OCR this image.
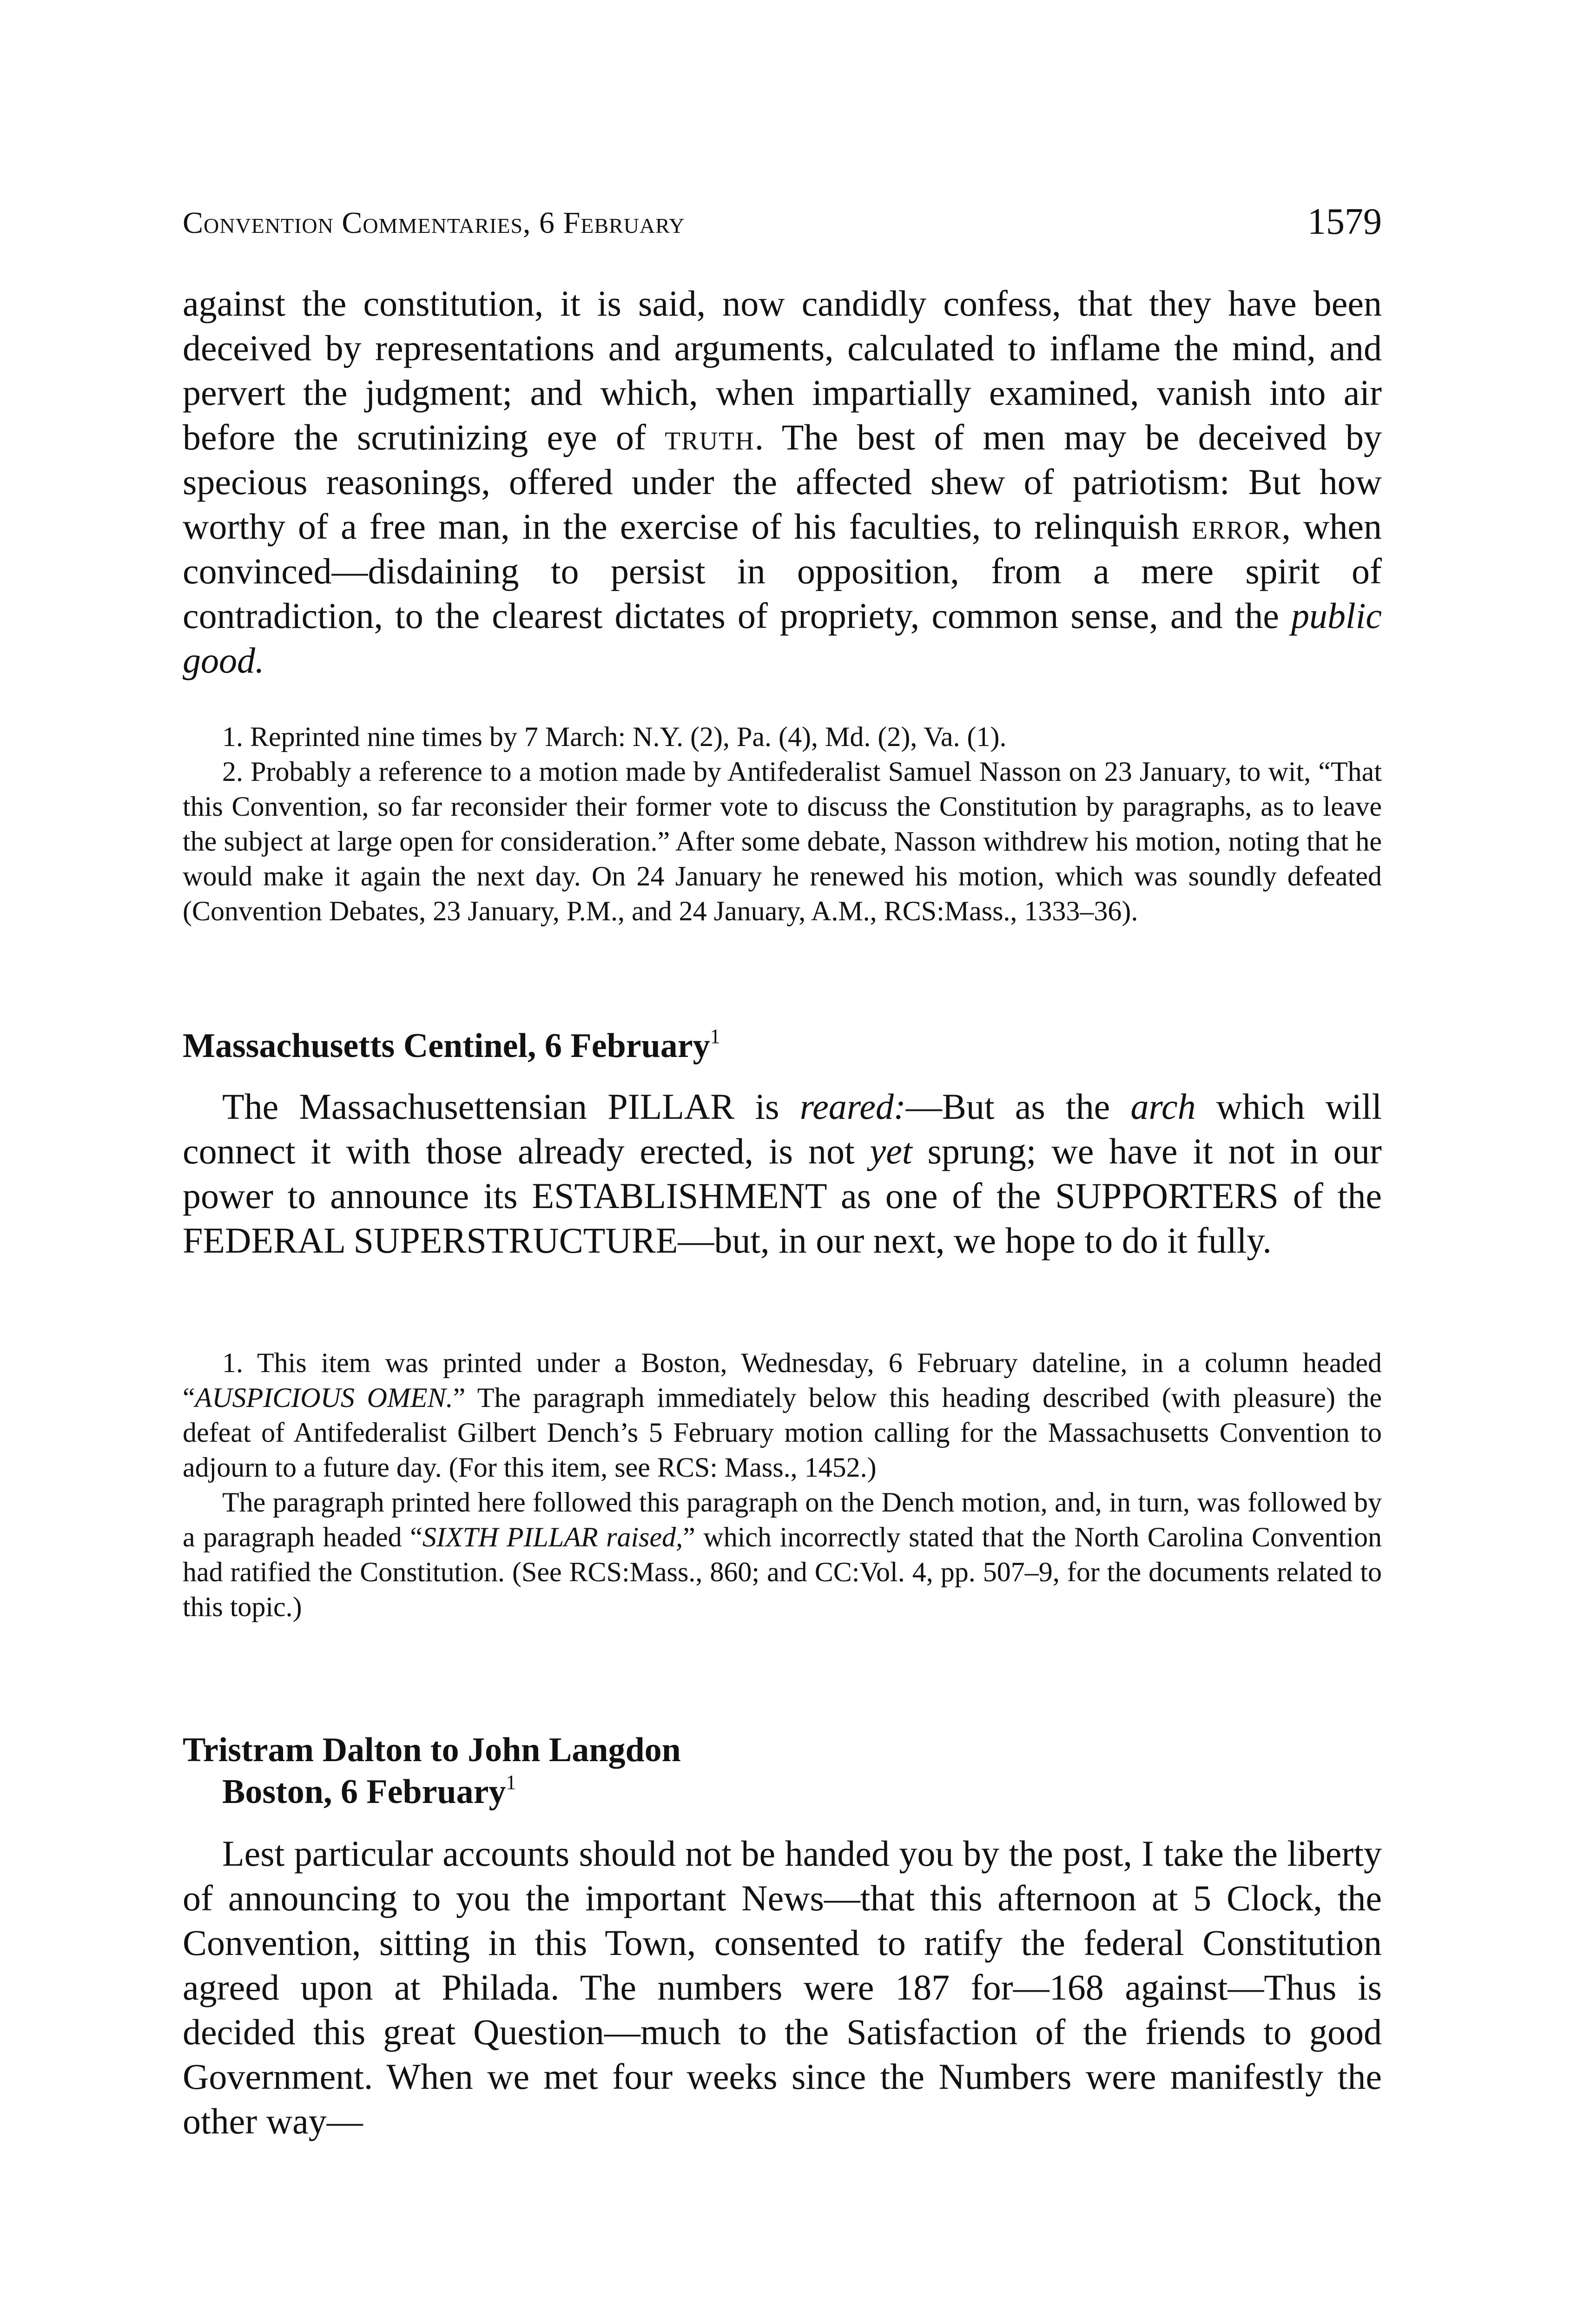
Convention Commentaries, 6 February	1579

against the constitution, it is said, now candidly confess, that they have been deceived by representations and arguments, calculated to inflame the mind, and pervert the judgment; and which, when impartially examined, vanish into air before the scrutinizing eye of truth. The best of men may be deceived by specious reasonings, offered under the affected shew of patriotism: But how worthy of a free man, in the exercise of his faculties, to relinquish error, when convinced—disdaining to persist in opposition, from a mere spirit of contradiction, to the clearest dictates of propriety, common sense, and the public good.

1. Reprinted nine times by 7 March: N.Y. (2), Pa. (4), Md. (2), Va. (1).

2. Probably a reference to a motion made by Antifederalist Samuel Nasson on 23 January, to wit, “That this Convention, so far reconsider their former vote to discuss the Constitution by paragraphs, as to leave the subject at large open for consideration.” After some debate, Nasson withdrew his motion, noting that he would make it again the next day. On 24 January he renewed his motion, which was soundly defeated (Convention Debates, 23 January, P.M., and 24 January, A.M., RCS:Mass., 1333–36).

Massachusetts Centinel, 6 February$^1$

The Massachusettensian PILLAR is reared:—But as the arch which will connect it with those already erected, is not yet sprung; we have it not in our power to announce its ESTABLISHMENT as one of the SUPPORTERS of the FEDERAL SUPERSTRUCTURE—but, in our next, we hope to do it fully.

1. This item was printed under a Boston, Wednesday, 6 February dateline, in a column headed “AUSPICIOUS OMEN.” The paragraph immediately below this heading described (with pleasure) the defeat of Antifederalist Gilbert Dench’s 5 February motion calling for the Massachusetts Convention to adjourn to a future day. (For this item, see RCS: Mass., 1452.)

The paragraph printed here followed this paragraph on the Dench motion, and, in turn, was followed by a paragraph headed “SIXTH PILLAR raised,” which incorrectly stated that the North Carolina Convention had ratified the Constitution. (See RCS:Mass., 860; and CC:Vol. 4, pp. 507–9, for the documents related to this topic.)

Tristram Dalton to John Langdon
Boston, 6 February$^1$

Lest particular accounts should not be handed you by the post, I take the liberty of announcing to you the important News—that this afternoon at 5 Clock, the Convention, sitting in this Town, consented to ratify the federal Constitution agreed upon at Philada. The numbers were 187 for—168 against—Thus is decided this great Question—much to the Satisfaction of the friends to good Government. When we met four weeks since the Numbers were manifestly the other way—
